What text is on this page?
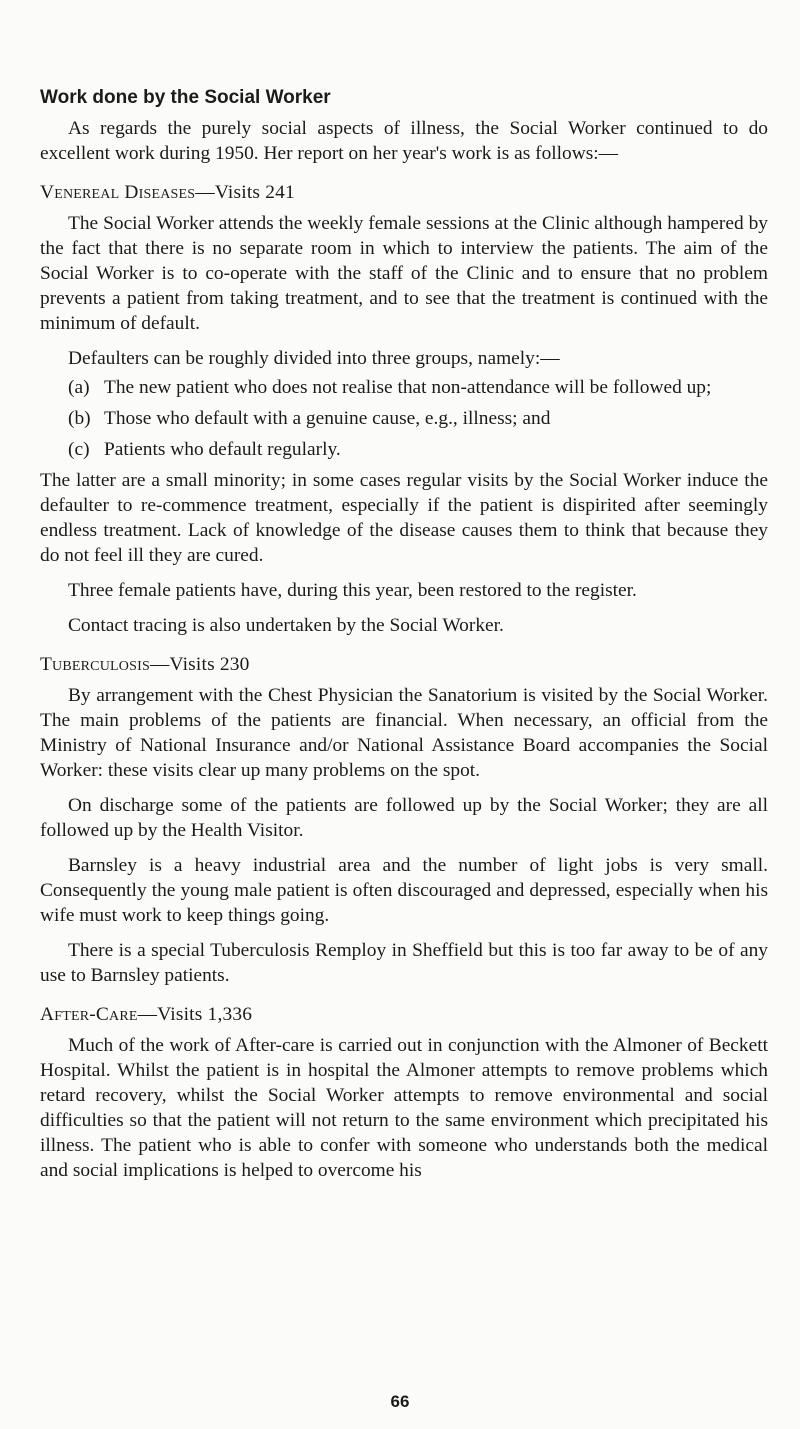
Work done by the Social Worker

As regards the purely social aspects of illness, the Social Worker continued to do excellent work during 1950. Her report on her year's work is as follows:—

Venereal Diseases—Visits 241

The Social Worker attends the weekly female sessions at the Clinic although hampered by the fact that there is no separate room in which to interview the patients. The aim of the Social Worker is to co-operate with the staff of the Clinic and to ensure that no problem prevents a patient from taking treatment, and to see that the treatment is continued with the minimum of default.

Defaulters can be roughly divided into three groups, namely:—

(a) The new patient who does not realise that non-attendance will be followed up;
(b) Those who default with a genuine cause, e.g., illness; and
(c) Patients who default regularly.

The latter are a small minority; in some cases regular visits by the Social Worker induce the defaulter to re-commence treatment, especially if the patient is dispirited after seemingly endless treatment. Lack of knowledge of the disease causes them to think that because they do not feel ill they are cured.

Three female patients have, during this year, been restored to the register.

Contact tracing is also undertaken by the Social Worker.

Tuberculosis—Visits 230

By arrangement with the Chest Physician the Sanatorium is visited by the Social Worker. The main problems of the patients are financial. When necessary, an official from the Ministry of National Insurance and/or National Assistance Board accompanies the Social Worker: these visits clear up many problems on the spot.

On discharge some of the patients are followed up by the Social Worker; they are all followed up by the Health Visitor.

Barnsley is a heavy industrial area and the number of light jobs is very small. Consequently the young male patient is often discouraged and depressed, especially when his wife must work to keep things going.

There is a special Tuberculosis Remploy in Sheffield but this is too far away to be of any use to Barnsley patients.

After-Care—Visits 1,336

Much of the work of After-care is carried out in conjunction with the Almoner of Beckett Hospital. Whilst the patient is in hospital the Almoner attempts to remove problems which retard recovery, whilst the Social Worker attempts to remove environmental and social difficulties so that the patient will not return to the same environment which precipitated his illness. The patient who is able to confer with someone who understands both the medical and social implications is helped to overcome his

66
